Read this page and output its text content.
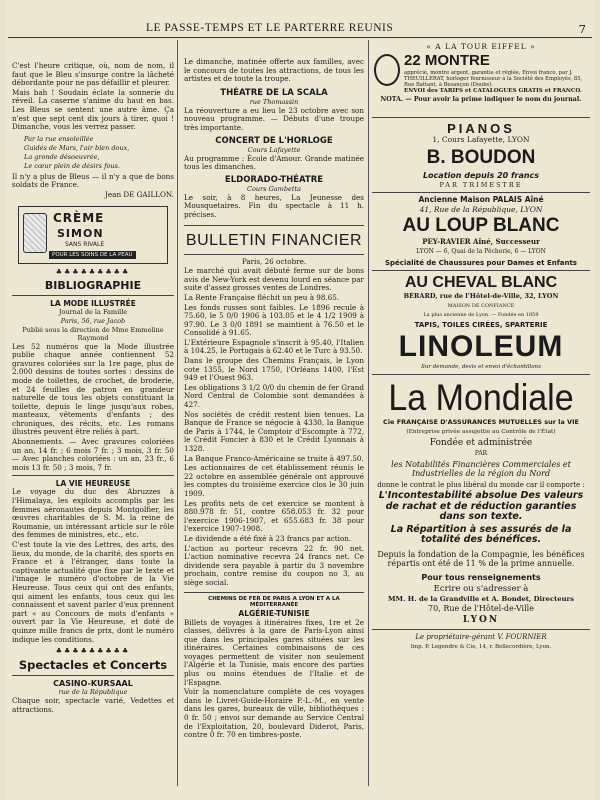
LE PASSE-TEMPS ET LE PARTERRE REUNIS	7

C'est l'heure critique, où, nom de nom, il faut que le Bleu s'insurge contre la lâcheté débordante pour ne pas défaillir et pleurer.

Mais bah ! Soudain éclate la sonnerie du réveil. La caserne s'anime du haut en bas. Les Bleus se sentent une autre âme. Ça n'est que sept cent dix jours à tirer, quoi ! Dimanche, vous les verrez passer.

Par la rue ensoleillée

Guidés de Mars, l'air bien doux,

La gronde désoeuvrée,

Le cœur plein de désirs fous.

Il n'y a plus de Bleus — il n'y a que de bons soldats de France.

Jean DE GAILLON.

CRÈME
SIMON
SANS RIVALE
POUR LES SOINS DE LA PEAU
♣♣♣♣♣♣♣♣♣
BIBLIOGRAPHIE
LA MODE ILLUSTRÉE

Journal de la Famille

Paris, 56, rue Jacob

Publié sous la direction de Mme Emmeline Raymond

Les 52 numéros que la Mode illustrée publie chaque année contiennent 52 gravures coloriées sur la 1re page, plus de 2.000 dessins de toutes sortes : dessins de mode de toilettes, de crochet, de broderie, et 24 feuilles de patron en grandeur naturelle de tous les objets constituant la toilette, depuis le linge jusqu'aux robes, manteaux, vêtements d'enfants ; des chroniques, des récits, etc. Les romans illustrés peuvent être reliés à part.

Abonnements. — Avec gravures coloriées un an, 14 fr. ; 6 mois 7 fr. ; 3 mois, 3 fr. 50 — Avec planches coloriées : un an, 23 fr., 6 mois 13 fr. 50 ; 3 mois, 7 fr.

LA VIE HEUREUSE

Le voyage du duc des Abruzzes à l'Himalaya, les exploits accomplis par les femmes aéronautes depuis Montgolfier, les œuvres charitables de S. M. la reine de Roumanie, un intéressant article sur le rôle des femmes de ministres, etc., etc.

C'est toute la vie des Lettres, des arts, des lieux, du monde, de la charité, des sports en France et à l'étranger, dans toute la captivante actualité que fixe par le texte et l'image le numéro d'octobre de la Vie Heureuse. Tous ceux qui ont des enfants, qui aiment les enfants, tous ceux qui les connaissent et savent parler d'eux prennent part « au Concours de mots d'enfants » ouvert par la Vie Heureuse, et doté de quinze mille francs de prix, dont le numéro indique les conditions.

♣♣♣♣♣♣♣♣♣
Spectacles et Concerts
CASINO-KURSAAL

rue de la République

Chaque soir, spectacle varié, Vedettes et attractions.

Le dimanche, matinée offerte aux familles, avec le concours de toutes les attractions, de tous les artistes et de toute la troupe.

THÉATRE DE LA SCALA

rue Thomassin

La réouverture a eu lieu le 23 octobre avec son nouveau programme. — Débuts d'une troupe très importante.

CONCERT DE L'HORLOGE

Cours Lafayette

Au programme : École d'Amour. Grande matinée tous les dimanches.

ELDORADO-THÉATRE

Cours Gambetta

Le soir, à 8 heures, La Jeunesse des Mousquetaires. Fin du spectacle à 11 h. précises.

BULLETIN FINANCIER

Paris, 26 octobre.

Le marché qui avait débuté ferme sur de bons avis de New-York est devenu lourd en séance par suite d'assez grosses ventes de Londres.

La Rente Française fléchit un peu à 98.65.

Les fonds russes sont faibles. Le 1896 recule à 75.60, le 5 0/0 1906 à 103.05 et le 4 1/2 1909 à 97.90. Le 3 0/0 1891 se maintient à 76.50 et le Consolidé à 91.65.

L'Extérieure Espagnole s'inscrit à 95.40, l'Italien à 104.25, le Portugais à 62.40 et le Turc à 93.50.

Dans le groupe des Chemins Français, le Lyon cote 1355, le Nord 1750, l'Orléans 1400, l'Est 949 et l'Ouest 963.

Les obligations 3 1/2 0/0 du chemin de fer Grand Nord Central de Colombie sont demandées à 427.

Nos sociétés de crédit restent bien tenues. La Banque de France se négocie à 4330, la Banque de Paris à 1744, le Comptoir d'Escompte à 772, le Crédit Foncier à 830 et le Crédit Lyonnais à 1328.

La Banque Franco-Américaine se traite à 497.50.

Les actionnaires de cet établissement réunis le 22 octobre en assemblée générale ont approuvé les comptes du troisième exercice clos le 30 juin 1909.

Les profits nets de cet exercice se montent à 880.978 fr. 51, contre 658.053 fr. 32 pour l'exercice 1906-1907, et 655.683 fr. 38 pour l'exercice 1907-1908.

Le dividende a été fixé à 23 francs par action.

L'action au porteur recevra 22 fr. 90 net. L'action nominative recevra 24 francs net. Ce dividende sera payable à partir du 3 novembre prochain, contre remise du coupon no 3, au siège social.

CHEMINS DE FER DE PARIS A LYON ET A LA MÉDITERRANÉE
ALGÉRIE-TUNISIE

Billets de voyages à itinéraires fixes, 1re et 2e classes, délivrés à la gare de Paris-Lyon ainsi que dans les principales gares situées sur les itinéraires. Certaines combinaisons de ces voyages permettent de visiter non seulement l'Algérie et la Tunisie, mais encore des parties plus ou moins étendues de l'Italie et de l'Espagne.

Voir la nomenclature complète de ces voyages dans le Livret-Guide-Horaire P.-L.-M., en vente dans les gares, bureaux de ville, bibliothèques : 0 fr. 50 ; envoi sur demande au Service Central de l'Exploitation, 20, boulevard Diderot, Paris, contre 0 fr. 70 en timbres-poste.

« A LA TOUR EIFFEL »
22 MONTRE
apprécié, montre argent, garantie et réglée, Envoi franco, par J. THEUILLERAT, horloger fournisseur à la Société des Employés, 85, Rue Battant, à Besançon (Doubs).
ENVOI des TARIFS et CATALOGUES GRATIS et FRANCO.
NOTA. — Pour avoir la prime indiquer le nom du journal.
PIANOS

1, Cours Lafayette, LYON

B. BOUDON

Location depuis 20 francs

PAR TRIMESTRE

Ancienne Maison PALAIS Aîné

41, Rue de la République, LYON

AU LOUP BLANC

PEY-RAVIER Aîné, Successeur

LYON — 6, Quai de la Pêcherie, 6 — LYON

Spécialité de Chaussures pour Dames et Enfants

AU CHEVAL BLANC

BÉRARD, rue de l'Hôtel-de-Ville, 32, LYON

MAISON DE CONFIANCE

La plus ancienne de Lyon. — Fondée en 1859

TAPIS, TOILES CIRÉES, SPARTERIE

LINOLEUM

Sur demande, devis et envoi d'échantillons

La Mondiale

Cie FRANÇAISE D'ASSURANCES MUTUELLES sur la VIE

(Entreprise privée assujettie au Contrôle de l'État)

Fondée et administrée

PAR

les Notabilités Financières Commerciales et Industrielles de la région du Nord

donne le contrat le plus libéral du monde car il comporte :

L'Incontestabilité absolue Des valeurs de rachat et de réduction garanties dans son texte.

La Répartition à ses assurés de la totalité des bénéfices.

Depuis la fondation de la Compagnie, les bénéfices répartis ont été de 11 % de la prime annuelle.

Pour tous renseignements

Ecrire ou s'adresser à

MM. H. de la Grandville et A. Bondet, Directeurs

70, Rue de l'Hôtel-de-Ville

LYON

Le propriétaire-gérant V. FOURNIER

Imp. P. Legendre & Cie, 14, r. Bellecordière, Lyon.
